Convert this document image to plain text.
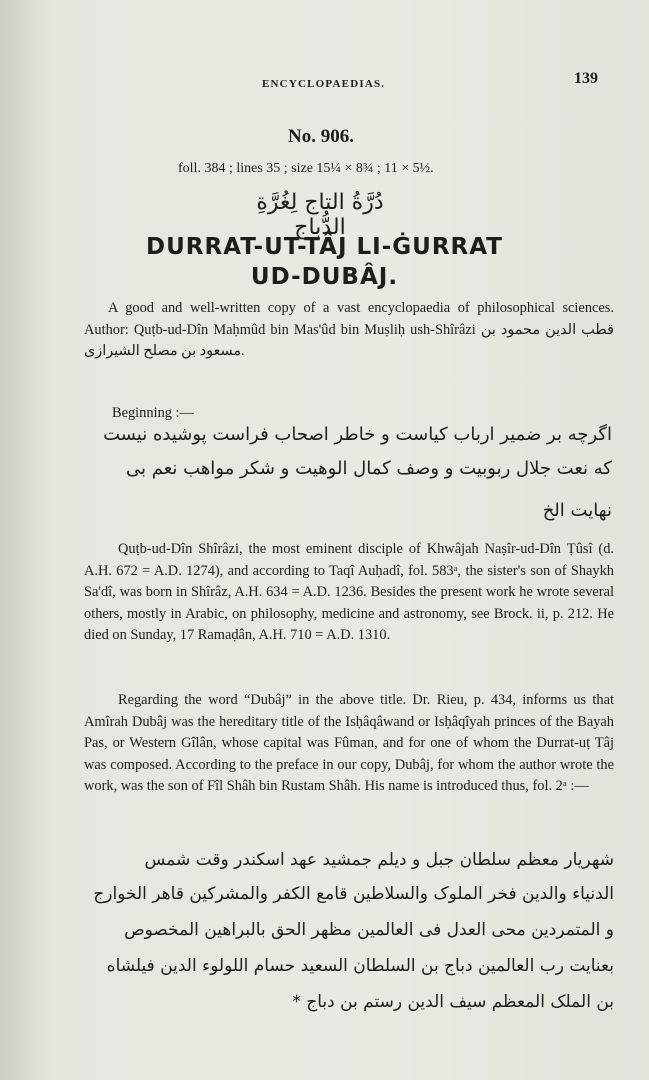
ENCYCLOPAEDIAS.	139
No. 906.
foll. 384 ; lines 35 ; size 15¼ × 8¾ ; 11 × 5½.
دُرَّةُ التاج لِغُرَّةِ الدُّباج
DURRAT-UT-TÂJ LI-ĠURRAT
UD-DUBÂJ.
A good and well-written copy of a vast encyclopaedia of philosophical sciences. Author: Quṭb-ud-Dîn Maḥmûd bin Mas'ûd bin Muṣliḥ ush-Shîrâzi قطب الدين محمود بن مسعود بن مصلح الشيرازى.
Beginning :—
اگرچه بر ضمیر ارباب کیاست و خاطر اصحاب فراست پوشیده نیست
که نعت جلال ربوبیت و وصف کمال الوهیت و شکر مواهب نعم بی
نهایت الخ
Quṭb-ud-Dîn Shîrâzi, the most eminent disciple of Khwâjah Naṣîr-ud-Dîn Ṭûsî (d. A.H. 672 = A.D. 1274), and according to Taqî Auḥadî, fol. 583ᵃ, the sister's son of Shaykh Sa'dî, was born in Shîrâz, A.H. 634 = A.D. 1236. Besides the present work he wrote several others, mostly in Arabic, on philosophy, medicine and astronomy, see Brock. ii, p. 212. He died on Sunday, 17 Ramaḍân, A.H. 710 = A.D. 1310.
Regarding the word “Dubâj” in the above title. Dr. Rieu, p. 434, informs us that Amîrah Dubâj was the hereditary title of the Isḥâqâwand or Isḥâqîyah princes of the Bayah Pas, or Western Gîlân, whose capital was Fûman, and for one of whom the Durrat-uṭ Tâj was composed. According to the preface in our copy, Dubâj, for whom the author wrote the work, was the son of Fîl Shâh bin Rustam Shâh. His name is introduced thus, fol. 2ᵃ :—
شهریار معظم سلطان جبل و دیلم جمشید عهد اسکندر وقت شمس
الدنیاء والدین فخر الملوک والسلاطین قامع الکفر والمشرکین قاهر الخوارج
و المتمردین محی العدل فی العالمین مظهر الحق بالبراهین المخصوص
بعنایت رب العالمین دباج بن السلطان السعید حسام اللولوء الدین فیلشاه
بن الملک المعظم سیف الدین رستم بن دباج *
